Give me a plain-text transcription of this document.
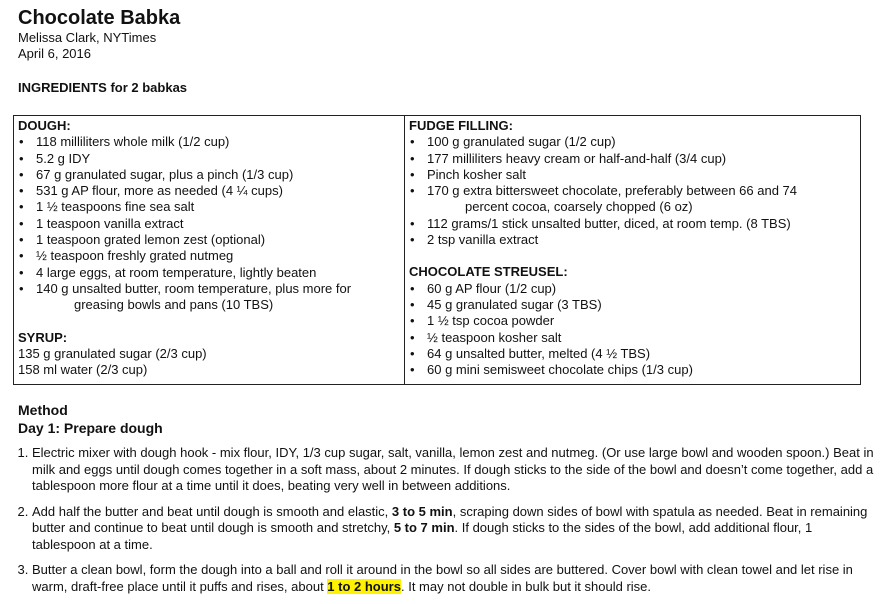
Chocolate Babka
Melissa Clark, NYTimes
April 6, 2016
INGREDIENTS for 2 babkas
DOUGH:
• 118 milliliters whole milk (1/2 cup)
• 5.2 g IDY
• 67 g granulated sugar, plus a pinch (1/3 cup)
• 531 g AP flour, more as needed (4 ¼ cups)
• 1 ½ teaspoons fine sea salt
• 1 teaspoon vanilla extract
• 1 teaspoon grated lemon zest (optional)
• ½ teaspoon freshly grated nutmeg
• 4 large eggs, at room temperature, lightly beaten
• 140 g unsalted butter, room temperature, plus more for
greasing bowls and pans (10 TBS)
SYRUP:
135 g granulated sugar (2/3 cup)
158 ml water (2/3 cup)

FUDGE FILLING:
• 100 g granulated sugar (1/2 cup)
• 177 milliliters heavy cream or half-and-half (3/4 cup)
• Pinch kosher salt
• 170 g extra bittersweet chocolate, preferably between 66 and 74
percent cocoa, coarsely chopped (6 oz)
• 112 grams/1 stick unsalted butter, diced, at room temp. (8 TBS)
• 2 tsp vanilla extract
CHOCOLATE STREUSEL:
• 60 g AP flour (1/2 cup)
• 45 g granulated sugar (3 TBS)
• 1 ½ tsp cocoa powder
• ½ teaspoon kosher salt
• 64 g unsalted butter, melted (4 ½ TBS)
• 60 g mini semisweet chocolate chips (1/3 cup)
Method
Day 1: Prepare dough
1. Electric mixer with dough hook - mix flour, IDY, 1/3 cup sugar, salt, vanilla, lemon zest and nutmeg. (Or use large bowl and wooden spoon.) Beat in milk and eggs until dough comes together in a soft mass, about 2 minutes. If dough sticks to the side of the bowl and doesn’t come together, add a tablespoon more flour at a time until it does, beating very well in between additions.
2. Add half the butter and beat until dough is smooth and elastic, 3 to 5 min, scraping down sides of bowl with spatula as needed. Beat in remaining butter and continue to beat until dough is smooth and stretchy, 5 to 7 min. If dough sticks to the sides of the bowl, add additional flour, 1 tablespoon at a time.
3. Butter a clean bowl, form the dough into a ball and roll it around in the bowl so all sides are buttered. Cover bowl with clean towel and let rise in warm, draft-free place until it puffs and rises, about 1 to 2 hours. It may not double in bulk but it should rise.
